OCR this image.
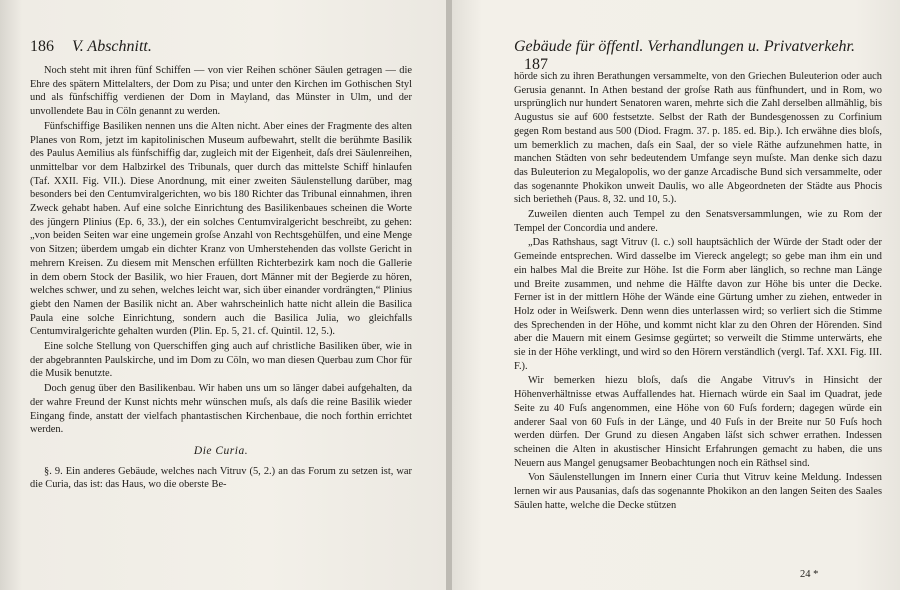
186 V. Abschnitt.

Noch steht mit ihren fünf Schiffen — von vier Reihen schöner Säulen getragen — die Ehre des spätern Mittelalters, der Dom zu Pisa; und unter den Kirchen im Gothischen Styl und als fünfschiffig verdienen der Dom in Mayland, das Münster in Ulm, und der unvollendete Bau in Cöln genannt zu werden.

Fünfschiffige Basiliken nennen uns die Alten nicht. Aber eines der Fragmente des alten Planes von Rom, jetzt im kapitolinischen Museum aufbewahrt, stellt die berühmte Basilik des Paulus Aemilius als fünfschiffig dar, zugleich mit der Eigenheit, daſs drei Säulenreihen, unmittelbar vor dem Halbzirkel des Tribunals, quer durch das mittelste Schiff hinlaufen (Taf. XXII. Fig. VII.). Diese Anordnung, mit einer zweiten Säulenstellung darüber, mag besonders bei den Centumviralgerichten, wo bis 180 Richter das Tribunal einnahmen, ihren Zweck gehabt haben. Auf eine solche Einrichtung des Basilikenbaues scheinen die Worte des jüngern Plinius (Ep. 6, 33.), der ein solches Centumviralgericht beschreibt, zu gehen: „von beiden Seiten war eine ungemein groſse Anzahl von Rechtsgehülfen, und eine Menge von Sitzen; überdem umgab ein dichter Kranz von Umherstehenden das vollste Gericht in mehrern Kreisen. Zu diesem mit Menschen erfüllten Richterbezirk kam noch die Gallerie in dem obern Stock der Basilik, wo hier Frauen, dort Männer mit der Begierde zu hören, welches schwer, und zu sehen, welches leicht war, sich über einander vordrängten,“ Plinius giebt den Namen der Basilik nicht an. Aber wahrscheinlich hatte nicht allein die Basilica Paula eine solche Einrichtung, sondern auch die Basilica Julia, wo gleichfalls Centumviralgerichte gehalten wurden (Plin. Ep. 5, 21. cf. Quintil. 12, 5.).

Eine solche Stellung von Querschiffen ging auch auf christliche Basiliken über, wie in der abgebrannten Paulskirche, und im Dom zu Cöln, wo man diesen Querbau zum Chor für die Musik benutzte.

Doch genug über den Basilikenbau. Wir haben uns um so länger dabei aufgehalten, da der wahre Freund der Kunst nichts mehr wünschen muſs, als daſs die reine Basilik wieder Eingang finde, anstatt der vielfach phantastischen Kirchenbaue, die noch forthin errichtet werden.

Die Curia.

§. 9. Ein anderes Gebäude, welches nach Vitruv (5, 2.) an das Forum zu setzen ist, war die Curia, das ist: das Haus, wo die oberste Be-

Gebäude für öffentl. Verhandlungen u. Privatverkehr. 187

hörde sich zu ihren Berathungen versammelte, von den Griechen Buleuterion oder auch Gerusia genannt. In Athen bestand der groſse Rath aus fünfhundert, und in Rom, wo ursprünglich nur hundert Senatoren waren, mehrte sich die Zahl derselben allmählig, bis Augustus sie auf 600 festsetzte. Selbst der Rath der Bundesgenossen zu Corfinium gegen Rom bestand aus 500 (Diod. Fragm. 37. p. 185. ed. Bip.). Ich erwähne dies bloſs, um bemerklich zu machen, daſs ein Saal, der so viele Räthe aufzunehmen hatte, in manchen Städten von sehr bedeutendem Umfange seyn muſste. Man denke sich dazu das Buleuterion zu Megalopolis, wo der ganze Arcadische Bund sich versammelte, oder das sogenannte Phokikon unweit Daulis, wo alle Abgeordneten der Städte aus Phocis sich berietheh (Paus. 8, 32. und 10, 5.).

Zuweilen dienten auch Tempel zu den Senatsversammlungen, wie zu Rom der Tempel der Concordia und andere.

„Das Rathshaus, sagt Vitruv (l. c.) soll hauptsächlich der Würde der Stadt oder der Gemeinde entsprechen. Wird dasselbe im Viereck angelegt; so gebe man ihm ein und ein halbes Mal die Breite zur Höhe. Ist die Form aber länglich, so rechne man Länge und Breite zusammen, und nehme die Hälfte davon zur Höhe bis unter die Decke. Ferner ist in der mittlern Höhe der Wände eine Gürtung umher zu ziehen, entweder in Holz oder in Weiſswerk. Denn wenn dies unterlassen wird; so verliert sich die Stimme des Sprechenden in der Höhe, und kommt nicht klar zu den Ohren der Hörenden. Sind aber die Mauern mit einem Gesimse gegürtet; so verweilt die Stimme unterwärts, ehe sie in der Höhe verklingt, und wird so den Hörern verständlich (vergl. Taf. XXI. Fig. III. F.).

Wir bemerken hiezu bloſs, daſs die Angabe Vitruv's in Hinsicht der Höhenverhältnisse etwas Auffallendes hat. Hiernach würde ein Saal im Quadrat, jede Seite zu 40 Fuſs angenommen, eine Höhe von 60 Fuſs fordern; dagegen würde ein anderer Saal von 60 Fuſs in der Länge, und 40 Fuſs in der Breite nur 50 Fuſs hoch werden dürfen. Der Grund zu diesen Angaben läſst sich schwer errathen. Indessen scheinen die Alten in akustischer Hinsicht Erfahrungen gemacht zu haben, die uns Neuern aus Mangel genugsamer Beobachtungen noch ein Räthsel sind.

Von Säulenstellungen im Innern einer Curia thut Vitruv keine Meldung. Indessen lernen wir aus Pausanias, daſs das sogenannte Phokikon an den langen Seiten des Saales Säulen hatte, welche die Decke stützen

24 *
